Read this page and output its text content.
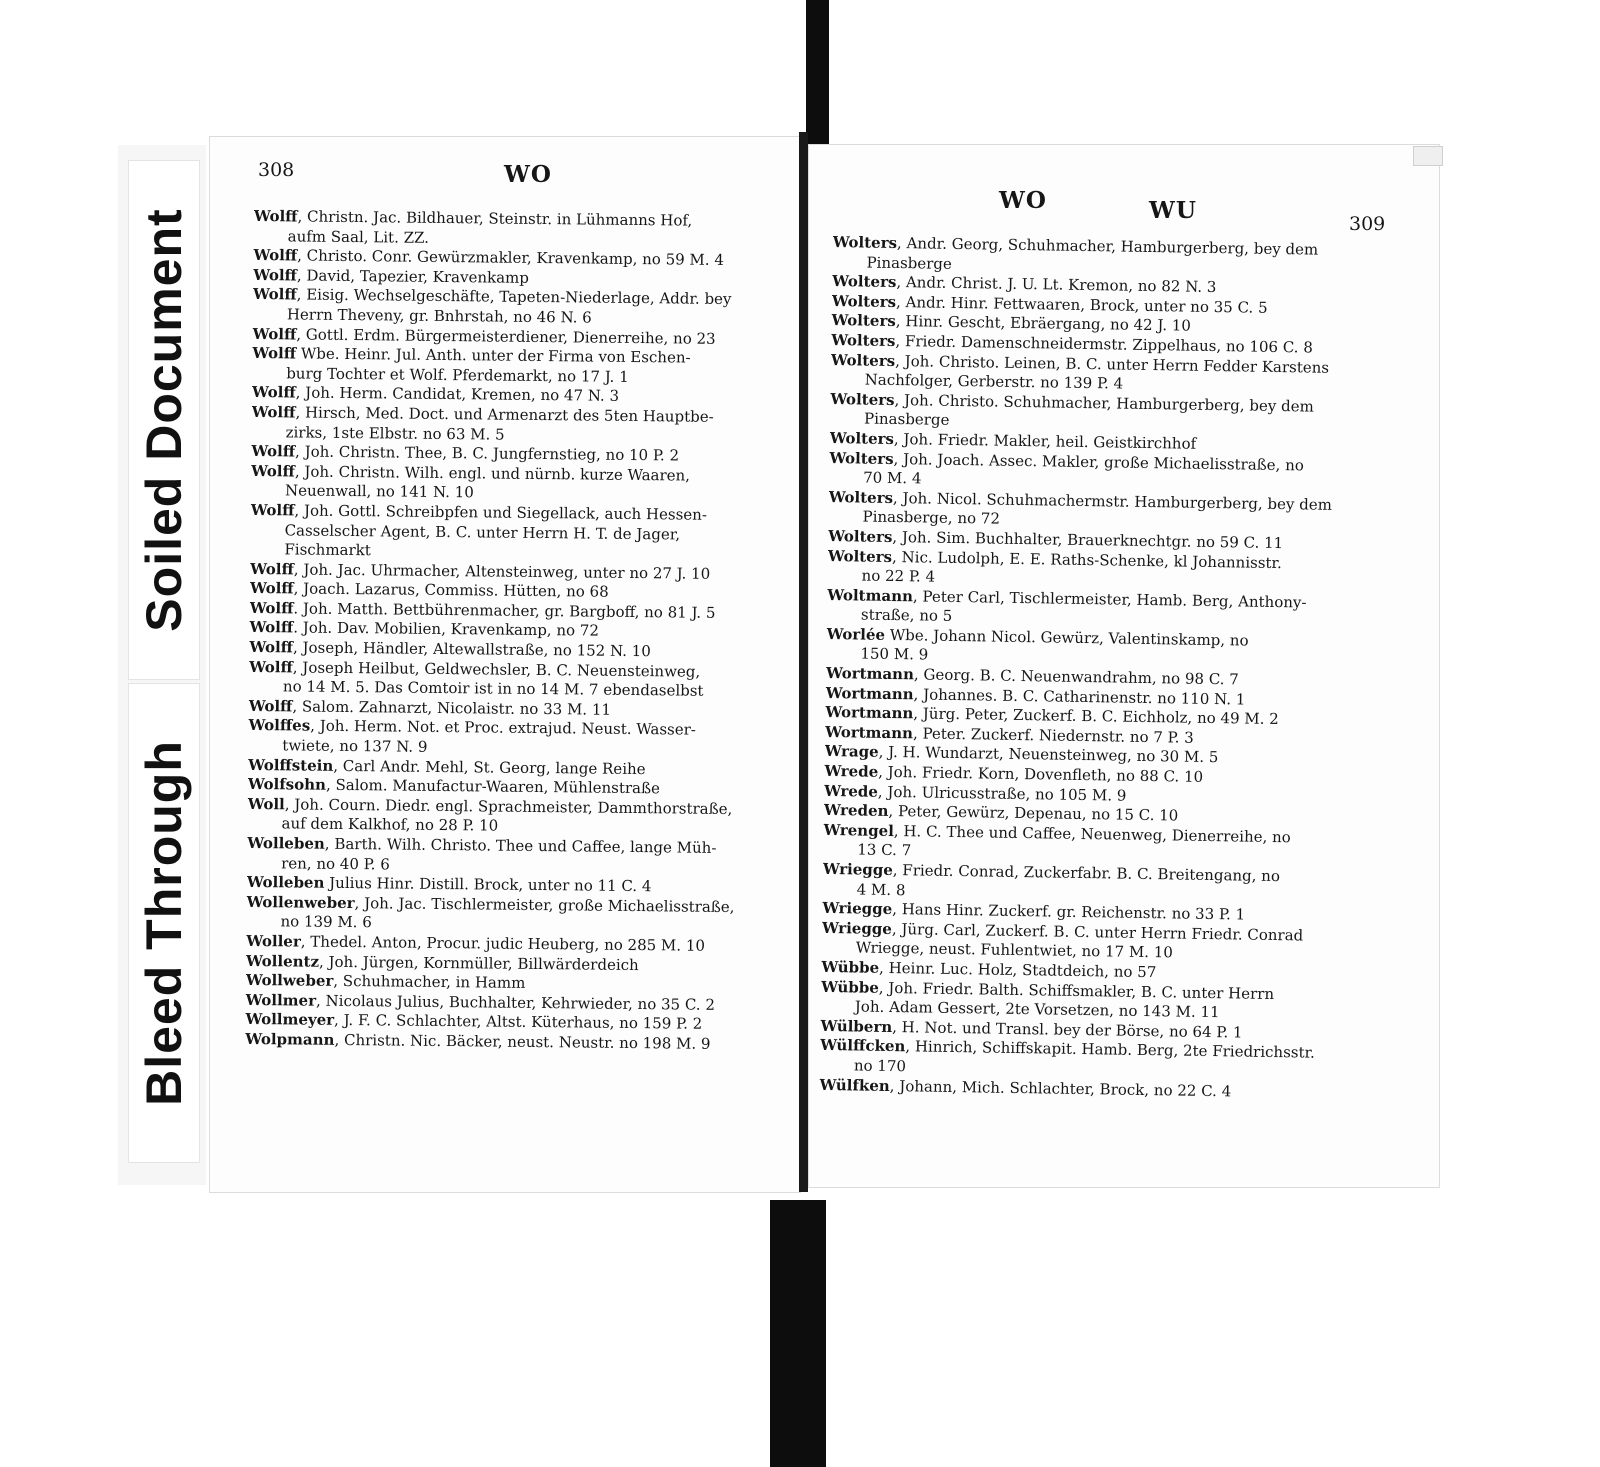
Soiled Document
Bleed Through
308	WO

Wolff, Christn. Jac. Bildhauer, Steinstr. in Lühmanns Hof,

aufm Saal, Lit. ZZ.

Wolff, Christo. Conr. Gewürzmakler, Kravenkamp, no 59 M. 4

Wolff, David, Tapezier, Kravenkamp

Wolff, Eisig. Wechselgeschäfte, Tapeten-Niederlage, Addr. bey

Herrn Theveny, gr. Bnhrstah, no 46 N. 6

Wolff, Gottl. Erdm. Bürgermeisterdiener, Dienerreihe, no 23

Wolff Wbe. Heinr. Jul. Anth. unter der Firma von Eschen-

burg Tochter et Wolf. Pferdemarkt, no 17 J. 1

Wolff, Joh. Herm. Candidat, Kremen, no 47 N. 3

Wolff, Hirsch, Med. Doct. und Armenarzt des 5ten Hauptbe-

zirks, 1ste Elbstr. no 63 M. 5

Wolff, Joh. Christn. Thee, B. C. Jungfernstieg, no 10 P. 2

Wolff, Joh. Christn. Wilh. engl. und nürnb. kurze Waaren,

Neuenwall, no 141 N. 10

Wolff, Joh. Gottl. Schreibpfen und Siegellack, auch Hessen-

Casselscher Agent, B. C. unter Herrn H. T. de Jager,

Fischmarkt

Wolff, Joh. Jac. Uhrmacher, Altensteinweg, unter no 27 J. 10

Wolff, Joach. Lazarus, Commiss. Hütten, no 68

Wolff. Joh. Matth. Bettbührenmacher, gr. Bargboff, no 81 J. 5

Wolff. Joh. Dav. Mobilien, Kravenkamp, no 72

Wolff, Joseph, Händler, Altewallstraße, no 152 N. 10

Wolff, Joseph Heilbut, Geldwechsler, B. C. Neuensteinweg,

no 14 M. 5. Das Comtoir ist in no 14 M. 7 ebendaselbst

Wolff, Salom. Zahnarzt, Nicolaistr. no 33 M. 11

Wolffes, Joh. Herm. Not. et Proc. extrajud. Neust. Wasser-

twiete, no 137 N. 9

Wolffstein, Carl Andr. Mehl, St. Georg, lange Reihe

Wolfsohn, Salom. Manufactur-Waaren, Mühlenstraße

Woll, Joh. Courn. Diedr. engl. Sprachmeister, Dammthorstraße,

auf dem Kalkhof, no 28 P. 10

Wolleben, Barth. Wilh. Christo. Thee und Caffee, lange Müh-

ren, no 40 P. 6

Wolleben Julius Hinr. Distill. Brock, unter no 11 C. 4

Wollenweber, Joh. Jac. Tischlermeister, große Michaelisstraße,

no 139 M. 6

Woller, Thedel. Anton, Procur. judic Heuberg, no 285 M. 10

Wollentz, Joh. Jürgen, Kornmüller, Billwärderdeich

Wollweber, Schuhmacher, in Hamm

Wollmer, Nicolaus Julius, Buchhalter, Kehrwieder, no 35 C. 2

Wollmeyer, J. F. C. Schlachter, Altst. Küterhaus, no 159 P. 2

Wolpmann, Christn. Nic. Bäcker, neust. Neustr. no 198 M. 9

WO	WU	309

Wolters, Andr. Georg, Schuhmacher, Hamburgerberg, bey dem

Pinasberge

Wolters, Andr. Christ. J. U. Lt. Kremon, no 82 N. 3

Wolters, Andr. Hinr. Fettwaaren, Brock, unter no 35 C. 5

Wolters, Hinr. Gescht, Ebräergang, no 42 J. 10

Wolters, Friedr. Damenschneidermstr. Zippelhaus, no 106 C. 8

Wolters, Joh. Christo. Leinen, B. C. unter Herrn Fedder Karstens

Nachfolger, Gerberstr. no 139 P. 4

Wolters, Joh. Christo. Schuhmacher, Hamburgerberg, bey dem

Pinasberge

Wolters, Joh. Friedr. Makler, heil. Geistkirchhof

Wolters, Joh. Joach. Assec. Makler, große Michaelisstraße, no

70 M. 4

Wolters, Joh. Nicol. Schuhmachermstr. Hamburgerberg, bey dem

Pinasberge, no 72

Wolters, Joh. Sim. Buchhalter, Brauerknechtgr. no 59 C. 11

Wolters, Nic. Ludolph, E. E. Raths-Schenke, kl Johannisstr.

no 22 P. 4

Woltmann, Peter Carl, Tischlermeister, Hamb. Berg, Anthony-

straße, no 5

Worlée Wbe. Johann Nicol. Gewürz, Valentinskamp, no

150 M. 9

Wortmann, Georg. B. C. Neuenwandrahm, no 98 C. 7

Wortmann, Johannes. B. C. Catharinenstr. no 110 N. 1

Wortmann, Jürg. Peter, Zuckerf. B. C. Eichholz, no 49 M. 2

Wortmann, Peter. Zuckerf. Niedernstr. no 7 P. 3

Wrage, J. H. Wundarzt, Neuensteinweg, no 30 M. 5

Wrede, Joh. Friedr. Korn, Dovenfleth, no 88 C. 10

Wrede, Joh. Ulricusstraße, no 105 M. 9

Wreden, Peter, Gewürz, Depenau, no 15 C. 10

Wrengel, H. C. Thee und Caffee, Neuenweg, Dienerreihe, no

13 C. 7

Wriegge, Friedr. Conrad, Zuckerfabr. B. C. Breitengang, no

4 M. 8

Wriegge, Hans Hinr. Zuckerf. gr. Reichenstr. no 33 P. 1

Wriegge, Jürg. Carl, Zuckerf. B. C. unter Herrn Friedr. Conrad

Wriegge, neust. Fuhlentwiet, no 17 M. 10

Wübbe, Heinr. Luc. Holz, Stadtdeich, no 57

Wübbe, Joh. Friedr. Balth. Schiffsmakler, B. C. unter Herrn

Joh. Adam Gessert, 2te Vorsetzen, no 143 M. 11

Wülbern, H. Not. und Transl. bey der Börse, no 64 P. 1

Wülffcken, Hinrich, Schiffskapit. Hamb. Berg, 2te Friedrichsstr.

no 170

Wülfken, Johann, Mich. Schlachter, Brock, no 22 C. 4
